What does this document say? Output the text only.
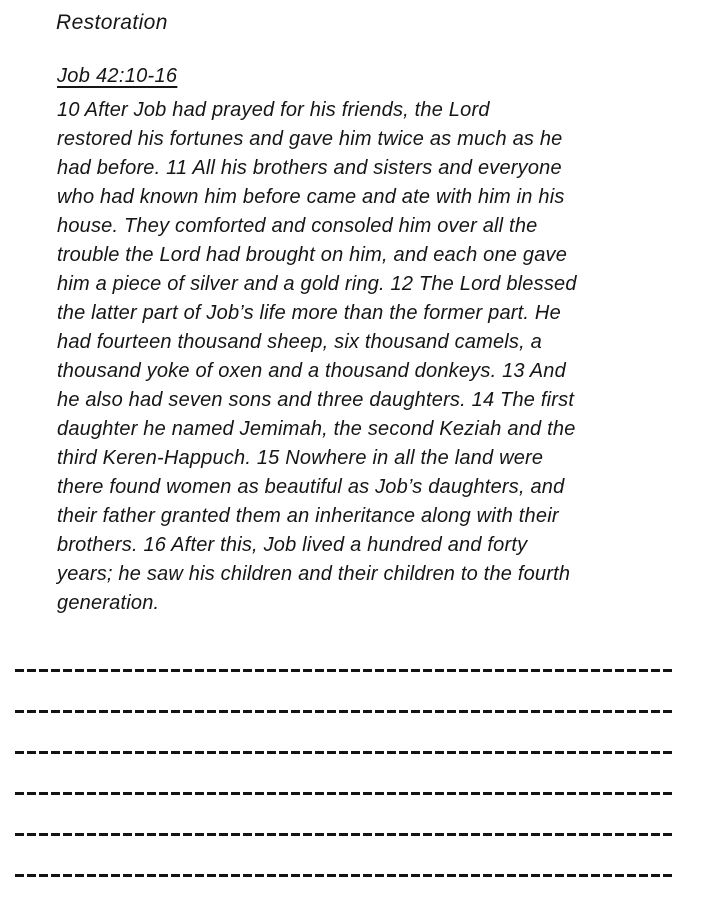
Restoration
Job 42:10-16
10 After Job had prayed for his friends, the Lord
restored his fortunes and gave him twice as much as he
had before. 11 All his brothers and sisters and everyone
who had known him before came and ate with him in his
house. They comforted and consoled him over all the
trouble the Lord had brought on him, and each one gave
him a piece of silver and a gold ring. 12 The Lord blessed
the latter part of Job’s life more than the former part. He
had fourteen thousand sheep, six thousand camels, a
thousand yoke of oxen and a thousand donkeys. 13 And
he also had seven sons and three daughters. 14 The first
daughter he named Jemimah, the second Keziah and the
third Keren-Happuch. 15 Nowhere in all the land were
there found women as beautiful as Job’s daughters, and
their father granted them an inheritance along with their
brothers. 16 After this, Job lived a hundred and forty
years; he saw his children and their children to the fourth
generation.
